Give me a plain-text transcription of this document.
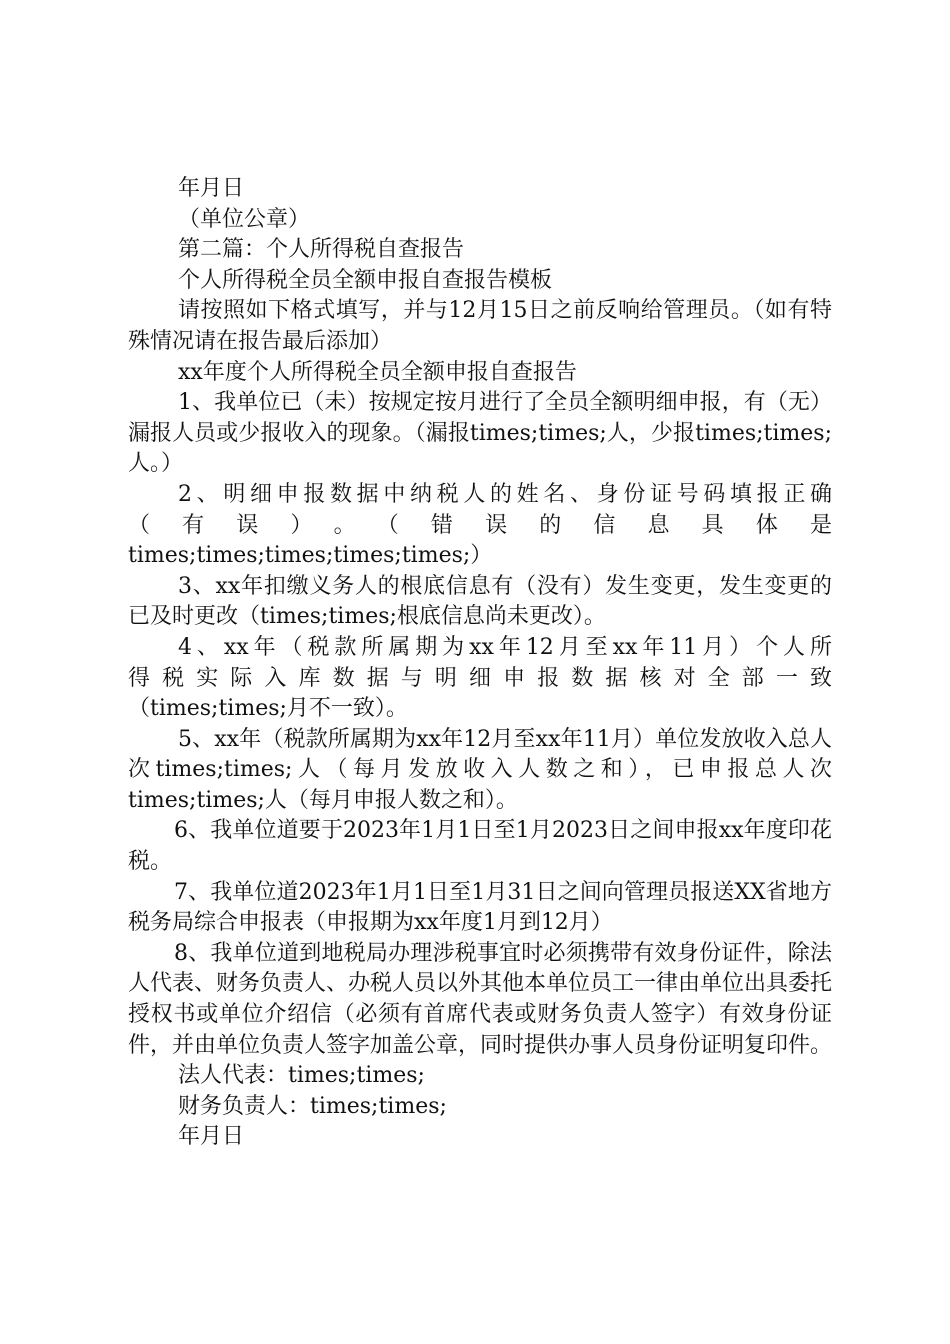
年月日

（单位公章）

第二篇：个人所得税自查报告

个人所得税全员全额申报自查报告模板

请按照如下格式填写，并与12月15日之前反响给管理员。（如有特殊情况请在报告最后添加）

xx年度个人所得税全员全额申报自查报告

1、我单位已（未）按规定按月进行了全员全额明细申报，有（无）漏报人员或少报收入的现象。（漏报times;times;人，少报times;times;人。）

2、明细申报数据中纳税人的姓名、身份证号码填报正确
（有误）。（错误的信息具体是
times;times;times;times;times;）

3、xx年扣缴义务人的根底信息有（没有）发生变更，发生变更的已及时更改（times;times;根底信息尚未更改）。

4、xx年（税款所属期为xx年12月至xx年11月）个人所
得税实际入库数据与明细申报数据核对全部一致
（times;times;月不一致）。

5、xx年（税款所属期为xx年12月至xx年11月）单位发放收入总人次times;times;人（每月发放收入人数之和），已申报总人次times;times;人（每月申报人数之和）。

6、我单位道要于2023年1月1日至1月2023日之间申报xx年度印花税。

7、我单位道2023年1月1日至1月31日之间向管理员报送XX省地方税务局综合申报表（申报期为xx年度1月到12月）

8、我单位道到地税局办理涉税事宜时必须携带有效身份证件，除法人代表、财务负责人、办税人员以外其他本单位员工一律由单位出具委托授权书或单位介绍信（必须有首席代表或财务负责人签字）有效身份证件，并由单位负责人签字加盖公章，同时提供办事人员身份证明复印件。

法人代表：times;times;

财务负责人：times;times;

年月日
